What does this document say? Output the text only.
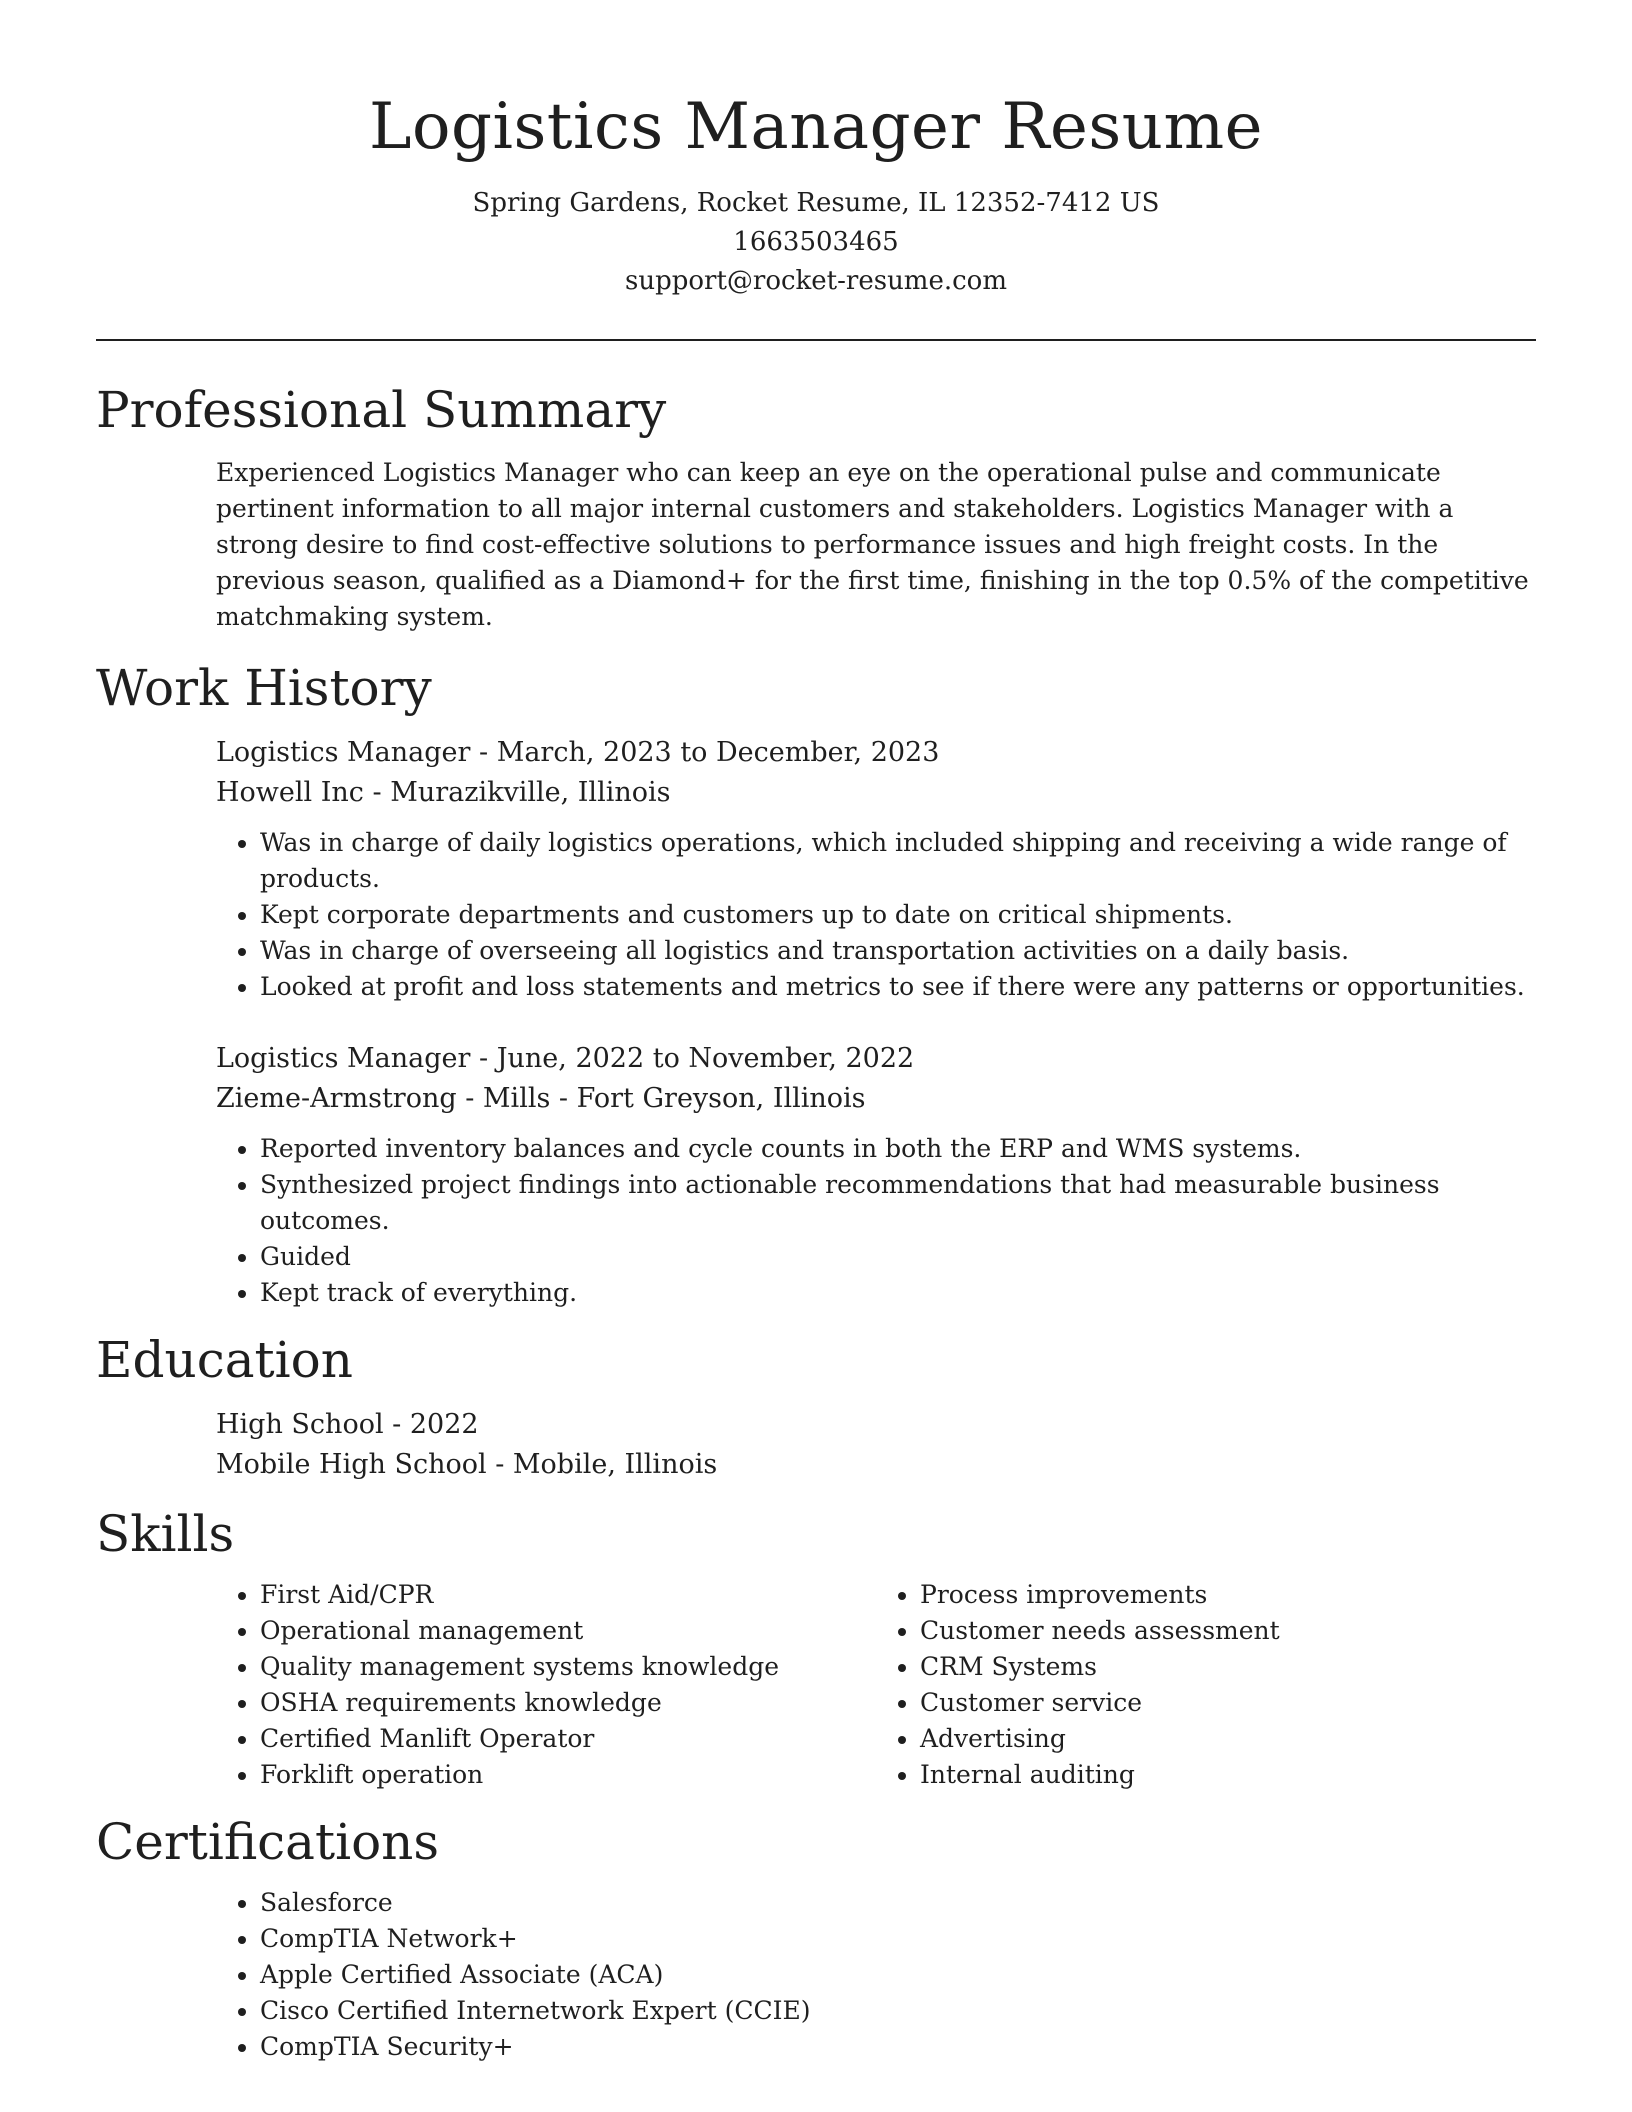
Logistics Manager Resume
Spring Gardens, Rocket Resume, IL 12352-7412 US
1663503465
support@rocket-resume.com
Professional Summary

Experienced Logistics Manager who can keep an eye on the operational pulse and communicate pertinent information to all major internal customers and stakeholders. Logistics Manager with a strong desire to find cost-effective solutions to performance issues and high freight costs. In the previous season, qualified as a Diamond+ for the first time, finishing in the top 0.5% of the competitive matchmaking system.

Work History
Logistics Manager - March, 2023 to December, 2023
Howell Inc - Murazikville, Illinois
• Was in charge of daily logistics operations, which included shipping and receiving a wide range of products.
• Kept corporate departments and customers up to date on critical shipments.
• Was in charge of overseeing all logistics and transportation activities on a daily basis.
• Looked at profit and loss statements and metrics to see if there were any patterns or opportunities.
Logistics Manager - June, 2022 to November, 2022
Zieme-Armstrong - Mills - Fort Greyson, Illinois
• Reported inventory balances and cycle counts in both the ERP and WMS systems.
• Synthesized project findings into actionable recommendations that had measurable business outcomes.
• Guided
• Kept track of everything.
Education
High School - 2022
Mobile High School - Mobile, Illinois
Skills
• First Aid/CPR
• Operational management
• Quality management systems knowledge
• OSHA requirements knowledge
• Certified Manlift Operator
• Forklift operation
• Process improvements
• Customer needs assessment
• CRM Systems
• Customer service
• Advertising
• Internal auditing
Certifications
• Salesforce
• CompTIA Network+
• Apple Certified Associate (ACA)
• Cisco Certified Internetwork Expert (CCIE)
• CompTIA Security+
